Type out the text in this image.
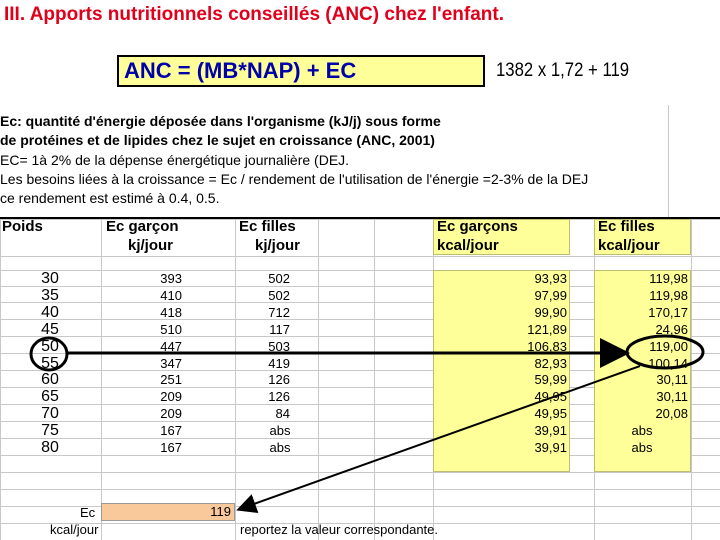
III. Apports nutritionnels conseillés (ANC) chez l'enfant.
ANC = (MB*NAP) + EC	1382 x 1,72 + 119
Ec: quantité d'énergie déposée dans l'organisme (kJ/j) sous forme
de protéines et de lipides chez le sujet en croissance (ANC, 2001)
EC= 1à 2% de la dépense énergétique journalière (DEJ.
Les besoins liées à la croissance = Ec / rendement de l'utilisation de l'énergie =2-3% de la DEJ
ce rendement est estimé à 0.4, 0.5.
Poids	Ec garçon
kj/jour
Ec filles
kj/jour
Ec garçons
kcal/jour
Ec filles
kcal/jour
30	393	502	93,93	119,98
35	410	502	97,99	119,98
40	418	712	99,90	170,17
45	510	117	121,89	24,96
50	447	503	106,83	119,00
55	347	419	82,93	100,14
60	251	126	59,99	30,11
65	209	126	49,95	30,11
70	209	84	49,95	20,08
75	167	abs	39,91	abs
80	167	abs	39,91	abs
Ec
kcal/jour
119
reportez la valeur correspondante.
